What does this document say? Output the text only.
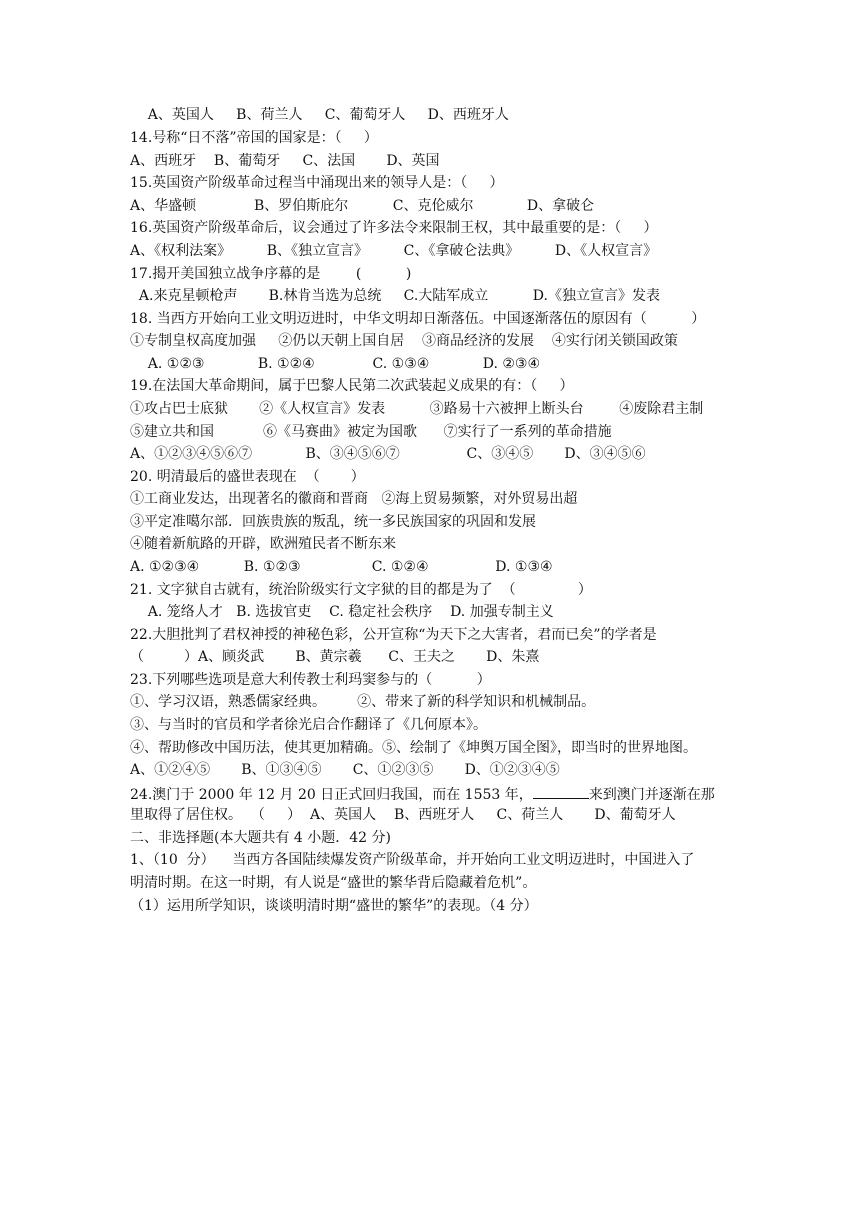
A、英国人     B、荷兰人     C、葡萄牙人     D、西班牙人
14.号称“日不落”帝国的国家是：（     ）
A、西班牙    B、葡萄牙     C、法国       D、英国
15.英国资产阶级革命过程当中涌现出来的领导人是：（     ）
A、华盛顿             B、罗伯斯庇尔          C、克伦威尔            D、拿破仑
16.英国资产阶级革命后，议会通过了许多法令来限制王权，其中最重要的是：（     ）
A、《权利法案》        B、《独立宣言》        C、《拿破仑法典》        D、《人权宣言》
17.揭开美国独立战争序幕的是        (          )
A.来克星顿枪声       B.林肯当选为总统     C.大陆军成立          D.《独立宣言》发表
18. 当西方开始向工业文明迈进时，中华文明却日渐落伍。中国逐渐落伍的原因有（          ）
①专制皇权高度加强     ②仍以天朝上国自居    ③商品经济的发展    ④实行闭关锁国政策
A. ①②③            B. ①②④             C. ①③④            D. ②③④
19.在法国大革命期间，属于巴黎人民第二次武装起义成果的有：（     ）
①攻占巴士底狱       ②《人权宣言》发表          ③路易十六被押上断头台        ④废除君主制
⑤建立共和国           ⑥《马赛曲》被定为国歌      ⑦实行了一系列的革命措施
A、①②③④⑤⑥⑦            B、③④⑤⑥⑦               C、③④⑤       D、③④⑤⑥
20. 明清最后的盛世表现在  （       ）
①工商业发达，出现著名的徽商和晋商   ②海上贸易频繁，对外贸易出超
③平定准噶尔部．回族贵族的叛乱，统一多民族国家的巩固和发展
④随着新航路的开辟，欧洲殖民者不断东来
A. ①②③④          B. ①②③                C. ①②④               D. ①③④
21. 文字狱自古就有，统治阶级实行文字狱的目的都是为了  （              ）
A. 笼络人才   B. 选拔官吏    C. 稳定社会秩序    D. 加强专制主义
22.大胆批判了君权神授的神秘色彩，公开宣称“为天下之大害者，君而已矣”的学者是
（         ）A、顾炎武       B、黄宗羲      C、王夫之       D、朱熹
23.下列哪些选项是意大利传教士利玛窦参与的（          ）
①、学习汉语，熟悉儒家经典。       ②、带来了新的科学知识和机械制品。
③、与当时的官员和学者徐光启合作翻译了《几何原本》。
④、帮助修改中国历法，使其更加精确。⑤、绘制了《坤舆万国全图》，即当时的世界地图。
A、①②④⑤       B、①③④⑤       C、①②③⑤       D、①②③④⑤
24.澳门于 2000 年 12 月 20 日正式回归我国，而在 1553 年，	来到澳门并逐渐在那
里取得了居住权。  （     ）  A、英国人    B、西班牙人     C、荷兰人       D、葡萄牙人
二、非选择题(本大题共有 4 小题．42 分)
1、（10  分）    当西方各国陆续爆发资产阶级革命，并开始向工业文明迈进时，中国进入了
明清时期。在这一时期，有人说是“盛世的繁华背后隐藏着危机”。
（1）运用所学知识，谈谈明清时期“盛世的繁华”的表现。（4 分）
